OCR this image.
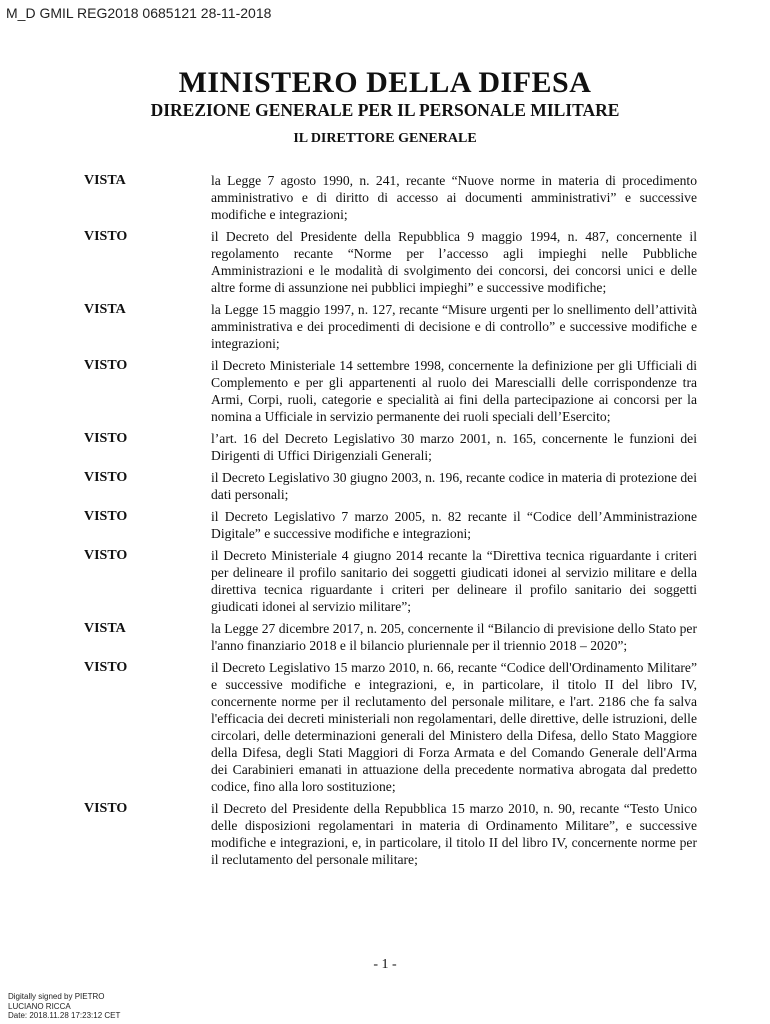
M_D GMIL REG2018 0685121 28-11-2018
MINISTERO DELLA DIFESA
DIREZIONE GENERALE PER IL PERSONALE MILITARE
IL DIRETTORE GENERALE
VISTA	la Legge 7 agosto 1990, n. 241, recante “Nuove norme in materia di procedimento amministrativo e di diritto di accesso ai documenti amministrativi” e successive modifiche e integrazioni;
VISTO	il Decreto del Presidente della Repubblica 9 maggio 1994, n. 487, concernente il regolamento recante “Norme per l’accesso agli impieghi nelle Pubbliche Amministrazioni e le modalità di svolgimento dei concorsi, dei concorsi unici e delle altre forme di assunzione nei pubblici impieghi” e successive modifiche;
VISTA	la Legge 15 maggio 1997, n. 127, recante “Misure urgenti per lo snellimento dell’attività amministrativa e dei procedimenti di decisione e di controllo” e successive modifiche e integrazioni;
VISTO	il Decreto Ministeriale 14 settembre 1998, concernente la definizione per gli Ufficiali di Complemento e per gli appartenenti al ruolo dei Marescialli delle corrispondenze tra Armi, Corpi, ruoli, categorie e specialità ai fini della partecipazione ai concorsi per la nomina a Ufficiale in servizio permanente dei ruoli speciali dell’Esercito;
VISTO	l’art. 16 del Decreto Legislativo 30 marzo 2001, n. 165, concernente le funzioni dei Dirigenti di Uffici Dirigenziali Generali;
VISTO	il Decreto Legislativo 30 giugno 2003, n. 196, recante codice in materia di protezione dei dati personali;
VISTO	il Decreto Legislativo 7 marzo 2005, n. 82 recante il “Codice dell’Amministrazione Digitale” e successive modifiche e integrazioni;
VISTO	il Decreto Ministeriale 4 giugno 2014 recante la “Direttiva tecnica riguardante i criteri per delineare il profilo sanitario dei soggetti giudicati idonei al servizio militare e della direttiva tecnica riguardante i criteri per delineare il profilo sanitario dei soggetti giudicati idonei al servizio militare”;
VISTA	la Legge 27 dicembre 2017, n. 205, concernente il “Bilancio di previsione dello Stato per l'anno finanziario 2018 e il bilancio pluriennale per il triennio 2018 – 2020”;
VISTO	il Decreto Legislativo 15 marzo 2010, n. 66, recante “Codice dell'Ordinamento Militare” e successive modifiche e integrazioni, e, in particolare, il titolo II del libro IV, concernente norme per il reclutamento del personale militare, e l'art. 2186 che fa salva l'efficacia dei decreti ministeriali non regolamentari, delle direttive, delle istruzioni, delle circolari, delle determinazioni generali del Ministero della Difesa, dello Stato Maggiore della Difesa, degli Stati Maggiori di Forza Armata e del Comando Generale dell'Arma dei Carabinieri emanati in attuazione della precedente normativa abrogata dal predetto codice, fino alla loro sostituzione;
VISTO	il Decreto del Presidente della Repubblica 15 marzo 2010, n. 90, recante “Testo Unico delle disposizioni regolamentari in materia di Ordinamento Militare”, e successive modifiche e integrazioni, e, in particolare, il titolo II del libro IV, concernente norme per il reclutamento del personale militare;
- 1 -
Digitally signed by PIETRO
LUCIANO RICCA
Date: 2018.11.28 17:23:12 CET
